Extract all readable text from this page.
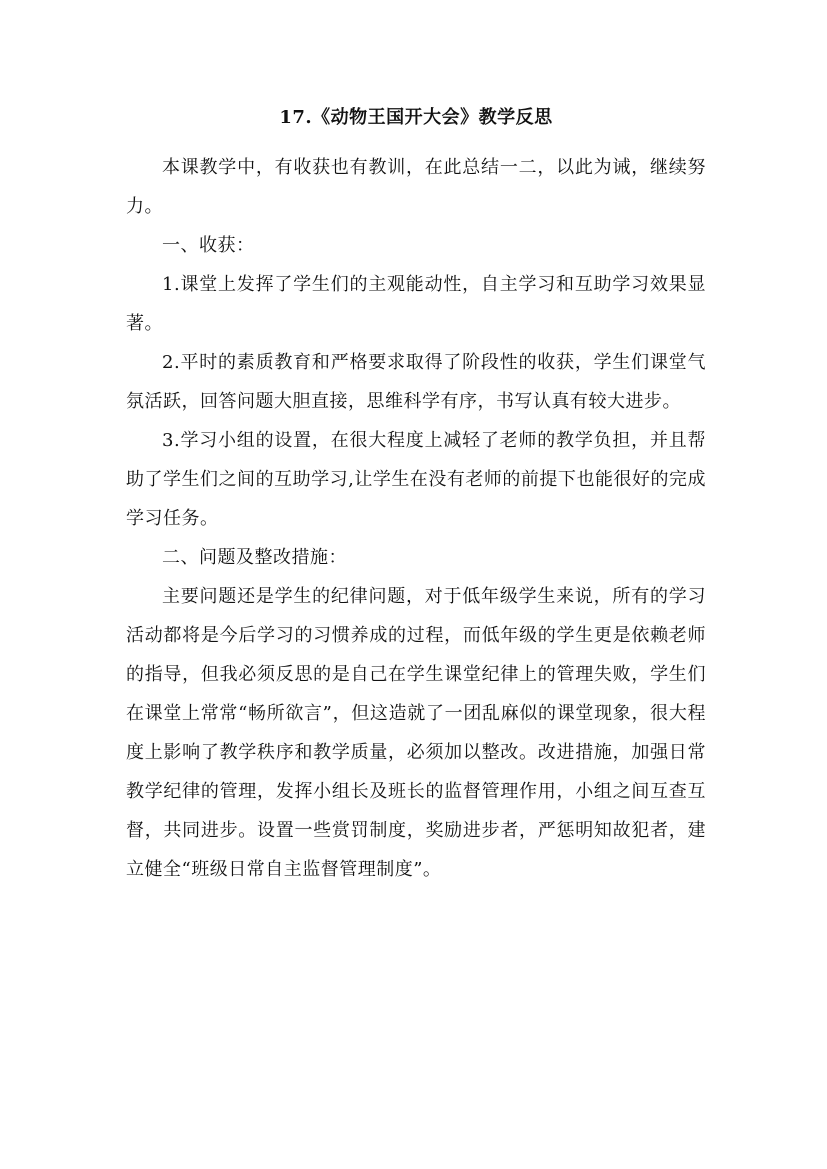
17.《动物王国开大会》教学反思

本课教学中，有收获也有教训，在此总结一二，以此为诫，继续努力。

一、收获：

1.课堂上发挥了学生们的主观能动性，自主学习和互助学习效果显著。

2.平时的素质教育和严格要求取得了阶段性的收获，学生们课堂气氛活跃，回答问题大胆直接，思维科学有序，书写认真有较大进步。

3.学习小组的设置，在很大程度上减轻了老师的教学负担，并且帮助了学生们之间的互助学习,让学生在没有老师的前提下也能很好的完成学习任务。

二、问题及整改措施：

主要问题还是学生的纪律问题，对于低年级学生来说，所有的学习活动都将是今后学习的习惯养成的过程，而低年级的学生更是依赖老师的指导，但我必须反思的是自己在学生课堂纪律上的管理失败，学生们在课堂上常常“畅所欲言”，但这造就了一团乱麻似的课堂现象，很大程度上影响了教学秩序和教学质量，必须加以整改。改进措施，加强日常教学纪律的管理，发挥小组长及班长的监督管理作用，小组之间互查互督，共同进步。设置一些赏罚制度，奖励进步者，严惩明知故犯者，建立健全“班级日常自主监督管理制度”。
